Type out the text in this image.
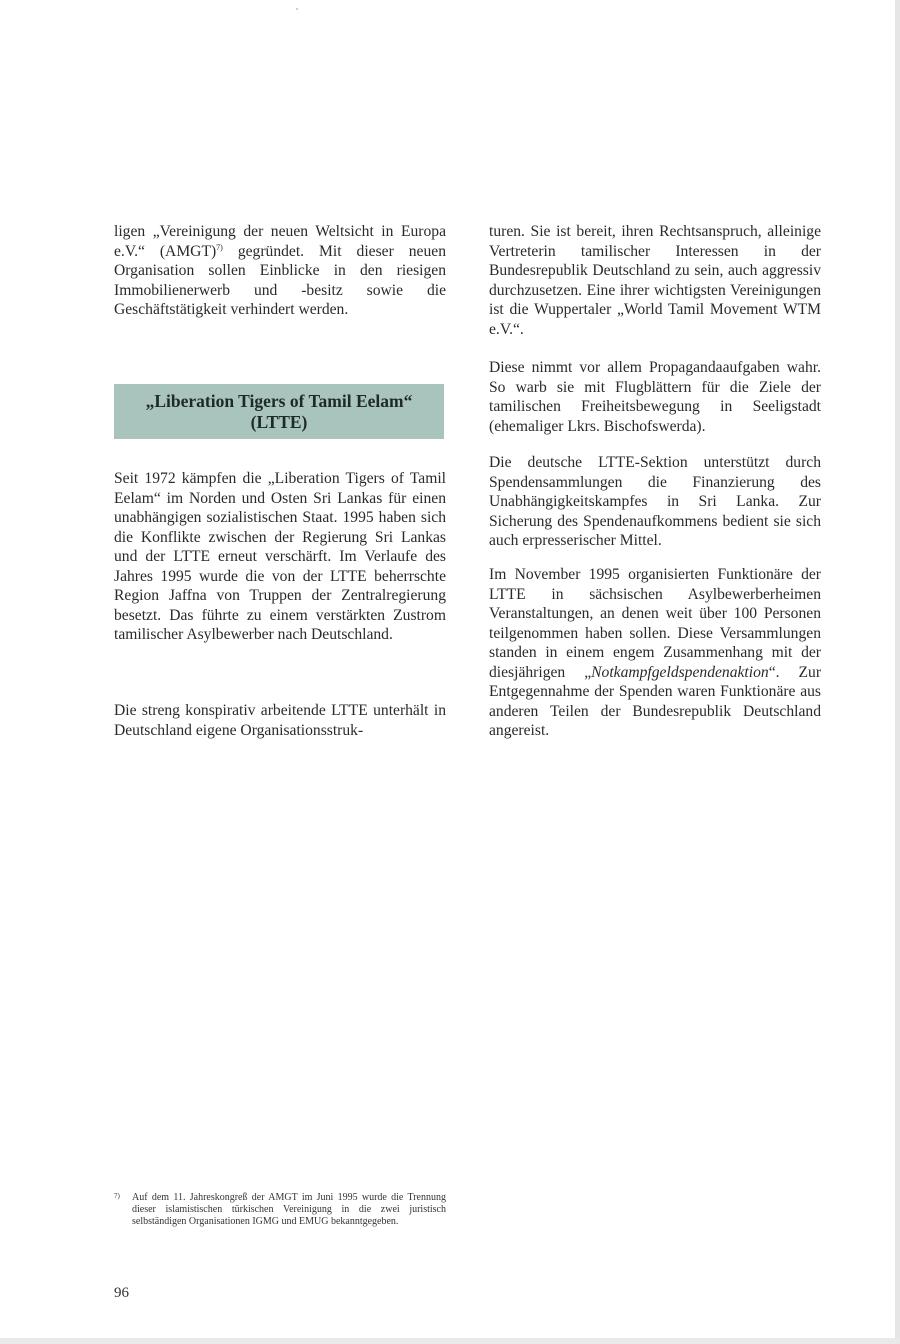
ligen „Vereinigung der neuen Weltsicht in Europa e.V.“ (AMGT)$^{7)}$ gegründet. Mit dieser neuen Organisation sollen Einblicke in den riesigen Immobilienerwerb und -besitz sowie die Geschäftstätigkeit verhindert werden.

„Liberation Tigers of Tamil Eelam“
(LTTE)

Seit 1972 kämpfen die „Liberation Tigers of Tamil Eelam“ im Norden und Osten Sri Lankas für einen unabhängigen sozialistischen Staat. 1995 haben sich die Konflikte zwischen der Regierung Sri Lankas und der LTTE erneut verschärft. Im Verlaufe des Jahres 1995 wurde die von der LTTE beherrschte Region Jaffna von Truppen der Zentralregierung besetzt. Das führte zu einem verstärkten Zustrom tamilischer Asylbewerber nach Deutschland.

Die streng konspirativ arbeitende LTTE unterhält in Deutschland eigene Organisationsstruk-

turen. Sie ist bereit, ihren Rechtsanspruch, alleinige Vertreterin tamilischer Interessen in der Bundesrepublik Deutschland zu sein, auch aggressiv durchzusetzen. Eine ihrer wichtigsten Vereinigungen ist die Wuppertaler „World Tamil Movement WTM e.V.“.

Diese nimmt vor allem Propagandaaufgaben wahr. So warb sie mit Flugblättern für die Ziele der tamilischen Freiheitsbewegung in Seeligstadt (ehemaliger Lkrs. Bischofswerda).

Die deutsche LTTE-Sektion unterstützt durch Spendensammlungen die Finanzierung des Unabhängigkeitskampfes in Sri Lanka. Zur Sicherung des Spendenaufkommens bedient sie sich auch erpresserischer Mittel.

Im November 1995 organisierten Funktionäre der LTTE in sächsischen Asylbewerberheimen Veranstaltungen, an denen weit über 100 Personen teilgenommen haben sollen. Diese Versammlungen standen in einem engem Zusammenhang mit der diesjährigen „Notkampfgeldspendenaktion“. Zur Entgegennahme der Spenden waren Funktionäre aus anderen Teilen der Bundesrepublik Deutschland angereist.

7)	Auf dem 11. Jahreskongreß der AMGT im Juni 1995 wurde die Trennung dieser islamistischen türkischen Vereinigung in die zwei juristisch selbständigen Organisationen IGMG und EMUG bekanntgegeben.
96
